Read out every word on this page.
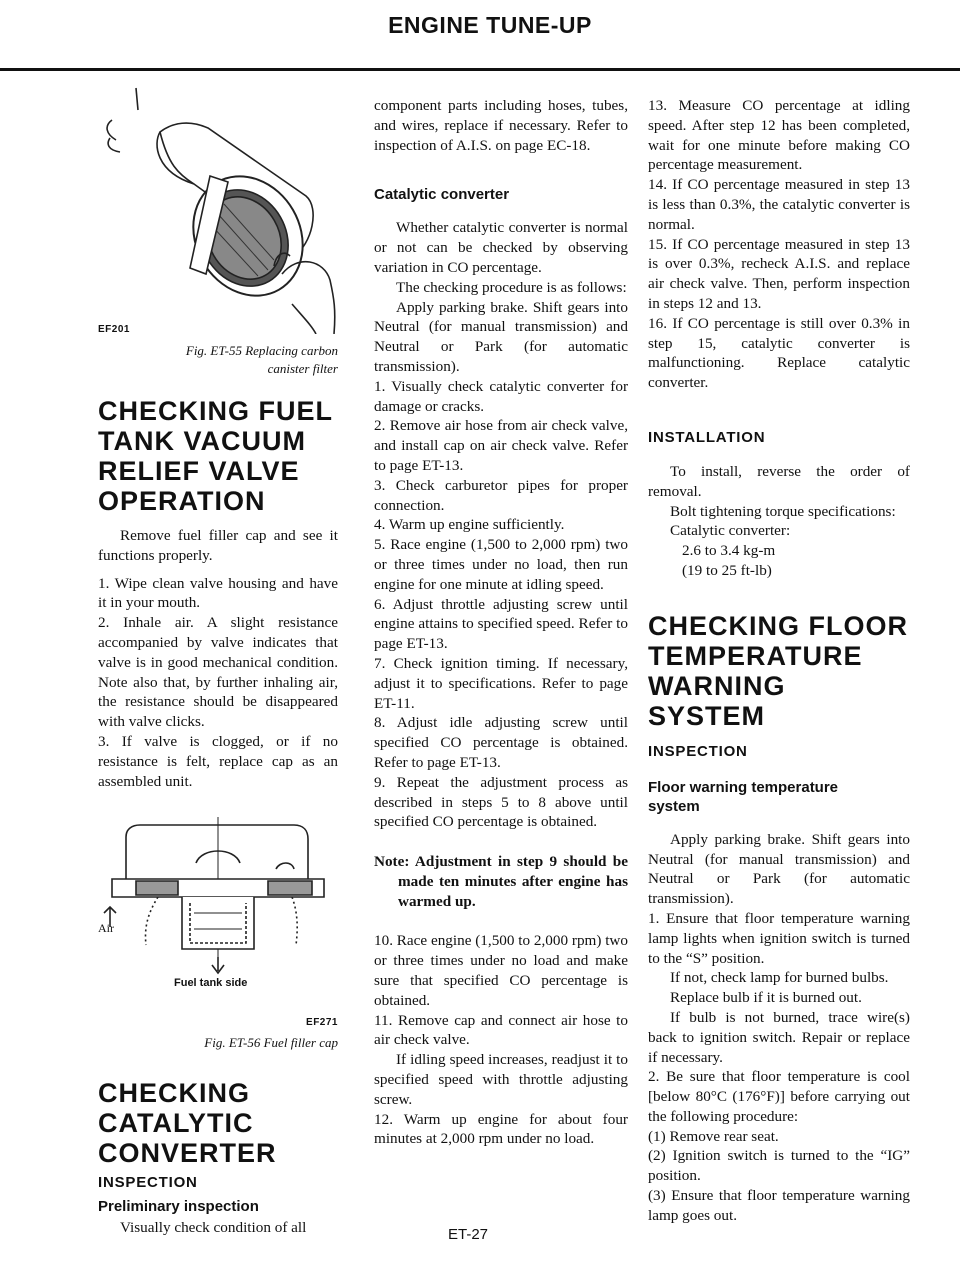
ENGINE TUNE-UP
EF201

Fig. ET-55 Replacing carbon

canister filter

CHECKING FUEL
TANK VACUUM
RELIEF VALVE
OPERATION

Remove fuel filler cap and see it functions properly.

1. Wipe clean valve housing and have it in your mouth.

2. Inhale air. A slight resistance accompanied by valve indicates that valve is in good mechanical condition. Note also that, by further inhaling air, the resistance should be disappeared with valve clicks.

3. If valve is clogged, or if no resistance is felt, replace cap as an assembled unit.

Air
Fuel tank side
EF271

Fig. ET-56 Fuel filler cap

CHECKING
CATALYTIC
CONVERTER
INSPECTION
Preliminary inspection

Visually check condition of all

component parts including hoses, tubes, and wires, replace if necessary. Refer to inspection of A.I.S. on page EC-18.

Catalytic converter

Whether catalytic converter is normal or not can be checked by observing variation in CO percentage.

The checking procedure is as follows:

Apply parking brake. Shift gears into Neutral (for manual transmission) and Neutral or Park (for automatic transmission).

1. Visually check catalytic converter for damage or cracks.

2. Remove air hose from air check valve, and install cap on air check valve. Refer to page ET-13.

3. Check carburetor pipes for proper connection.

4. Warm up engine sufficiently.

5. Race engine (1,500 to 2,000 rpm) two or three times under no load, then run engine for one minute at idling speed.

6. Adjust throttle adjusting screw until engine attains to specified speed. Refer to page ET-13.

7. Check ignition timing. If necessary, adjust it to specifications. Refer to page ET-11.

8. Adjust idle adjusting screw until specified CO percentage is obtained. Refer to page ET-13.

9. Repeat the adjustment process as described in steps 5 to 8 above until specified CO percentage is obtained.

Note: Adjustment in step 9 should be made ten minutes after engine has warmed up.

10. Race engine (1,500 to 2,000 rpm) two or three times under no load and make sure that specified CO percentage is obtained.

11. Remove cap and connect air hose to air check valve.

If idling speed increases, readjust it to specified speed with throttle adjusting screw.

12. Warm up engine for about four minutes at 2,000 rpm under no load.

13. Measure CO percentage at idling speed. After step 12 has been completed, wait for one minute before making CO percentage measurement.

14. If CO percentage measured in step 13 is less than 0.3%, the catalytic converter is normal.

15. If CO percentage measured in step 13 is over 0.3%, recheck A.I.S. and replace air check valve. Then, perform inspection in steps 12 and 13.

16. If CO percentage is still over 0.3% in step 15, catalytic converter is malfunctioning. Replace catalytic converter.

INSTALLATION

To install, reverse the order of removal.

Bolt tightening torque specifications:

Catalytic converter:

2.6 to 3.4 kg-m

(19 to 25 ft-lb)

CHECKING FLOOR
TEMPERATURE
WARNING SYSTEM
INSPECTION
Floor warning temperature
system

Apply parking brake. Shift gears into Neutral (for manual transmission) and Neutral or Park (for automatic transmission).

1. Ensure that floor temperature warning lamp lights when ignition switch is turned to the “S” position.

If not, check lamp for burned bulbs.

Replace bulb if it is burned out.

If bulb is not burned, trace wire(s) back to ignition switch. Repair or replace if necessary.

2. Be sure that floor temperature is cool [below 80°C (176°F)] before carrying out the following procedure:

(1) Remove rear seat.

(2) Ignition switch is turned to the “IG” position.

(3) Ensure that floor temperature warning lamp goes out.

ET-27
